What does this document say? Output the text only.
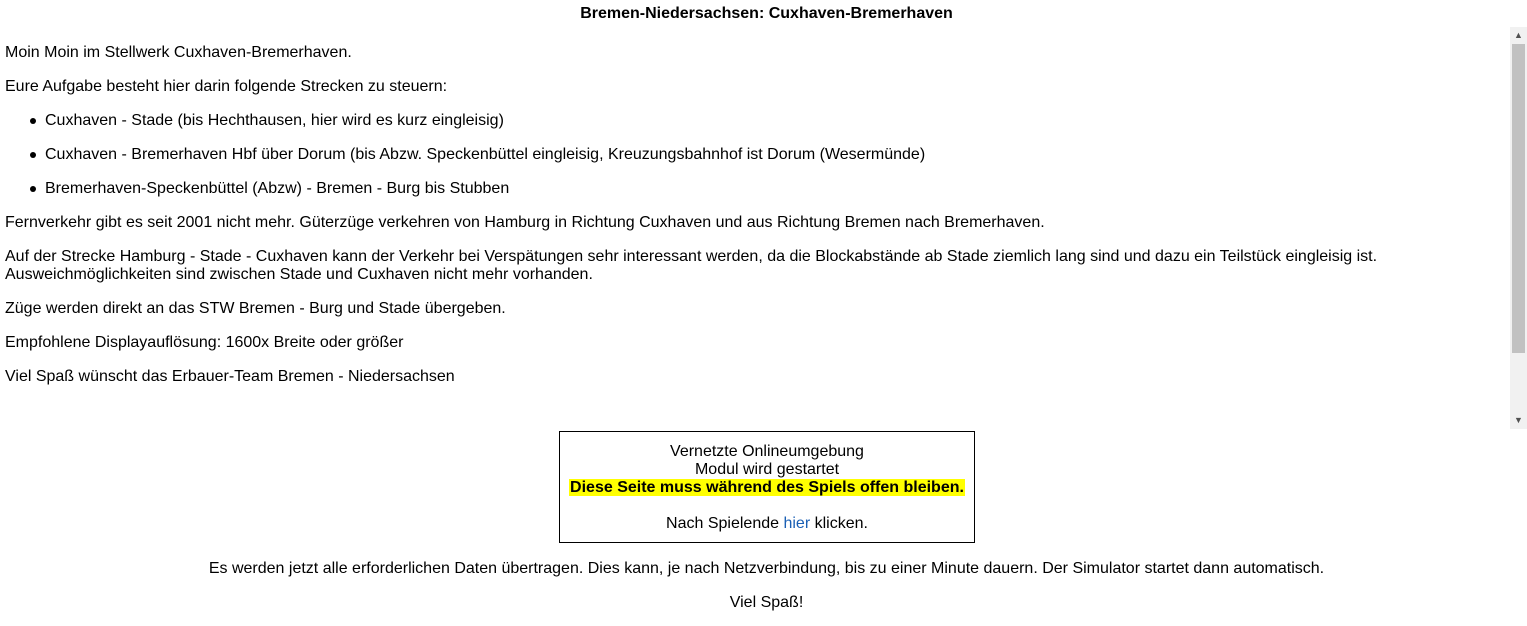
Bremen-Niedersachsen: Cuxhaven-Bremerhaven

Moin Moin im Stellwerk Cuxhaven-Bremerhaven.

Eure Aufgabe besteht hier darin folgende Strecken zu steuern:

Cuxhaven - Stade (bis Hechthausen, hier wird es kurz eingleisig)
Cuxhaven - Bremerhaven Hbf über Dorum (bis Abzw. Speckenbüttel eingleisig, Kreuzungsbahnhof ist Dorum (Wesermünde)
Bremerhaven-Speckenbüttel (Abzw) - Bremen - Burg bis Stubben

Fernverkehr gibt es seit 2001 nicht mehr. Güterzüge verkehren von Hamburg in Richtung Cuxhaven und aus Richtung Bremen nach Bremerhaven.

Auf der Strecke Hamburg - Stade - Cuxhaven kann der Verkehr bei Verspätungen sehr interessant werden, da die Blockabstände ab Stade ziemlich lang sind und dazu ein Teilstück eingleisig ist.
Ausweichmöglichkeiten sind zwischen Stade und Cuxhaven nicht mehr vorhanden.

Züge werden direkt an das STW Bremen - Burg und Stade übergeben.

Empfohlene Displayauflösung: 1600x Breite oder größer

Viel Spaß wünscht das Erbauer-Team Bremen - Niedersachsen

▲
▼
Vernetzte Onlineumgebung
Modul wird gestartet
Diese Seite muss während des Spiels offen bleiben.
Nach Spielende hier klicken.
Es werden jetzt alle erforderlichen Daten übertragen. Dies kann, je nach Netzverbindung, bis zu einer Minute dauern. Der Simulator startet dann automatisch.
Viel Spaß!
